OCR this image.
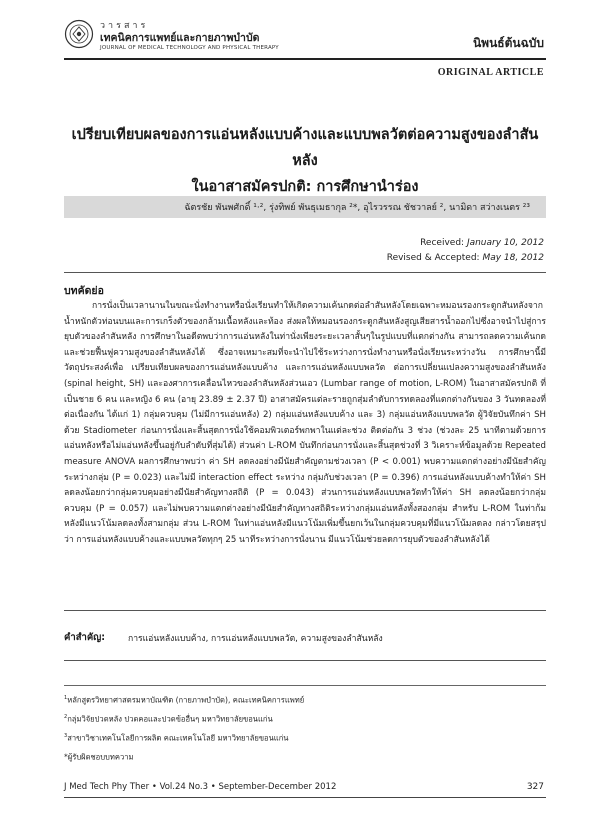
วารสาร
เทคนิคการแพทย์และกายภาพบำบัด
JOURNAL OF MEDICAL TECHNOLOGY AND PHYSICAL THERAPY	นิพนธ์ต้นฉบับ
ORIGINAL ARTICLE
เปรียบเทียบผลของการแอ่นหลังแบบค้างและแบบพลวัตต่อความสูงของลำสันหลัง
ในอาสาสมัครปกติ: การศึกษานำร่อง
ฉัตรชัย พันพศักดิ์ ¹·², รุ่งทิพย์ พันธุเมธากุล ²*, อุไรวรรณ ชัชวาลย์ ², นามิดา สว่างเนตร ²³
Received: January 10, 2012
Revised & Accepted: May 18, 2012
บทคัดย่อ
การนั่งเป็นเวลานานในขณะนั่งทำงานหรือนั่งเรียนทำให้เกิดความเค้นกดต่อลำสันหลังโดยเฉพาะหมอนรองกระดูกสันหลังจากน้ำหนักตัวท่อนบนและการเกร็งตัวของกล้ามเนื้อหลังและท้อง ส่งผลให้หมอนรองกระดูกสันหลังสูญเสียสารน้ำออกไปซึ่งอาจนำไปสู่การยุบตัวของลำสันหลัง การศึกษาในอดีตพบว่าการแอ่นหลังในท่านั่งเพียงระยะเวลาสั้นๆในรูปแบบที่แตกต่างกัน สามารถลดความเค้นกดและช่วยฟื้นฟูความสูงของลำสันหลังได้ ซึ่งอาจเหมาะสมที่จะนำไปใช้ระหว่างการนั่งทำงานหรือนั่งเรียนระหว่างวัน การศึกษานี้มีวัตถุประสงค์เพื่อ เปรียบเทียบผลของการแอ่นหลังแบบค้าง และการแอ่นหลังแบบพลวัต ต่อการเปลี่ยนแปลงความสูงของลำสันหลัง (spinal height, SH) และองศาการเคลื่อนไหวของลำสันหลังส่วนเอว (Lumbar range of motion, L-ROM) ในอาสาสมัครปกติ ที่เป็นชาย 6 คน และหญิง 6 คน (อายุ 23.89 ± 2.37 ปี) อาสาสมัครแต่ละรายถูกสุ่มลำดับการทดลองที่แตกต่างกันของ 3 วันทดลองที่ต่อเนื่องกัน ได้แก่ 1) กลุ่มควบคุม (ไม่มีการแอ่นหลัง) 2) กลุ่มแอ่นหลังแบบค้าง และ 3) กลุ่มแอ่นหลังแบบพลวัต ผู้วิจัยบันทึกค่า SH ด้วย Stadiometer ก่อนการนั่งและสิ้นสุดการนั่งใช้คอมพิวเตอร์พกพาในแต่ละช่วง ติดต่อกัน 3 ช่วง (ช่วงละ 25 นาทีตามด้วยการแอ่นหลังหรือไม่แอ่นหลังขึ้นอยู่กับลำดับที่สุ่มได้) ส่วนค่า L-ROM บันทึกก่อนการนั่งและสิ้นสุดช่วงที่ 3 วิเคราะห์ข้อมูลด้วย Repeated measure ANOVA ผลการศึกษาพบว่า ค่า SH ลดลงอย่างมีนัยสำคัญตามช่วงเวลา (P < 0.001) พบความแตกต่างอย่างมีนัยสำคัญระหว่างกลุ่ม (P = 0.023) และไม่มี interaction effect ระหว่าง กลุ่มกับช่วงเวลา (P = 0.396) การแอ่นหลังแบบค้างทำให้ค่า SH ลดลงน้อยกว่ากลุ่มควบคุมอย่างมีนัยสำคัญทางสถิติ (P = 0.043) ส่วนการแอ่นหลังแบบพลวัตทำให้ค่า SH ลดลงน้อยกว่ากลุ่มควบคุม (P = 0.057) และไม่พบความแตกต่างอย่างมีนัยสำคัญทางสถิติระหว่างกลุ่มแอ่นหลังทั้งสองกลุ่ม สำหรับ L-ROM ในท่าก้มหลังมีแนวโน้มลดลงทั้งสามกลุ่ม ส่วน L-ROM ในท่าแอ่นหลังมีแนวโน้มเพิ่มขึ้นยกเว้นในกลุ่มควบคุมที่มีแนวโน้มลดลง กล่าวโดยสรุปว่า การแอ่นหลังแบบค้างและแบบพลวัตทุกๆ 25 นาทีระหว่างการนั่งนาน มีแนวโน้มช่วยลดการยุบตัวของลำสันหลังได้
คำสำคัญ:	การแอ่นหลังแบบค้าง, การแอ่นหลังแบบพลวัต, ความสูงของลำสันหลัง
$^1$หลักสูตรวิทยาศาสตรมหาบัณฑิต (กายภาพบำบัด), คณะเทคนิคการแพทย์
$^2$กลุ่มวิจัยปวดหลัง ปวดคอและปวดข้ออื่นๆ มหาวิทยาลัยขอนแก่น
$^3$สาขาวิชาเทคโนโลยีการผลิต คณะเทคโนโลยี มหาวิทยาลัยขอนแก่น
*ผู้รับผิดชอบบทความ
J Med Tech Phy Ther • Vol.24 No.3 • September-December 2012	327
